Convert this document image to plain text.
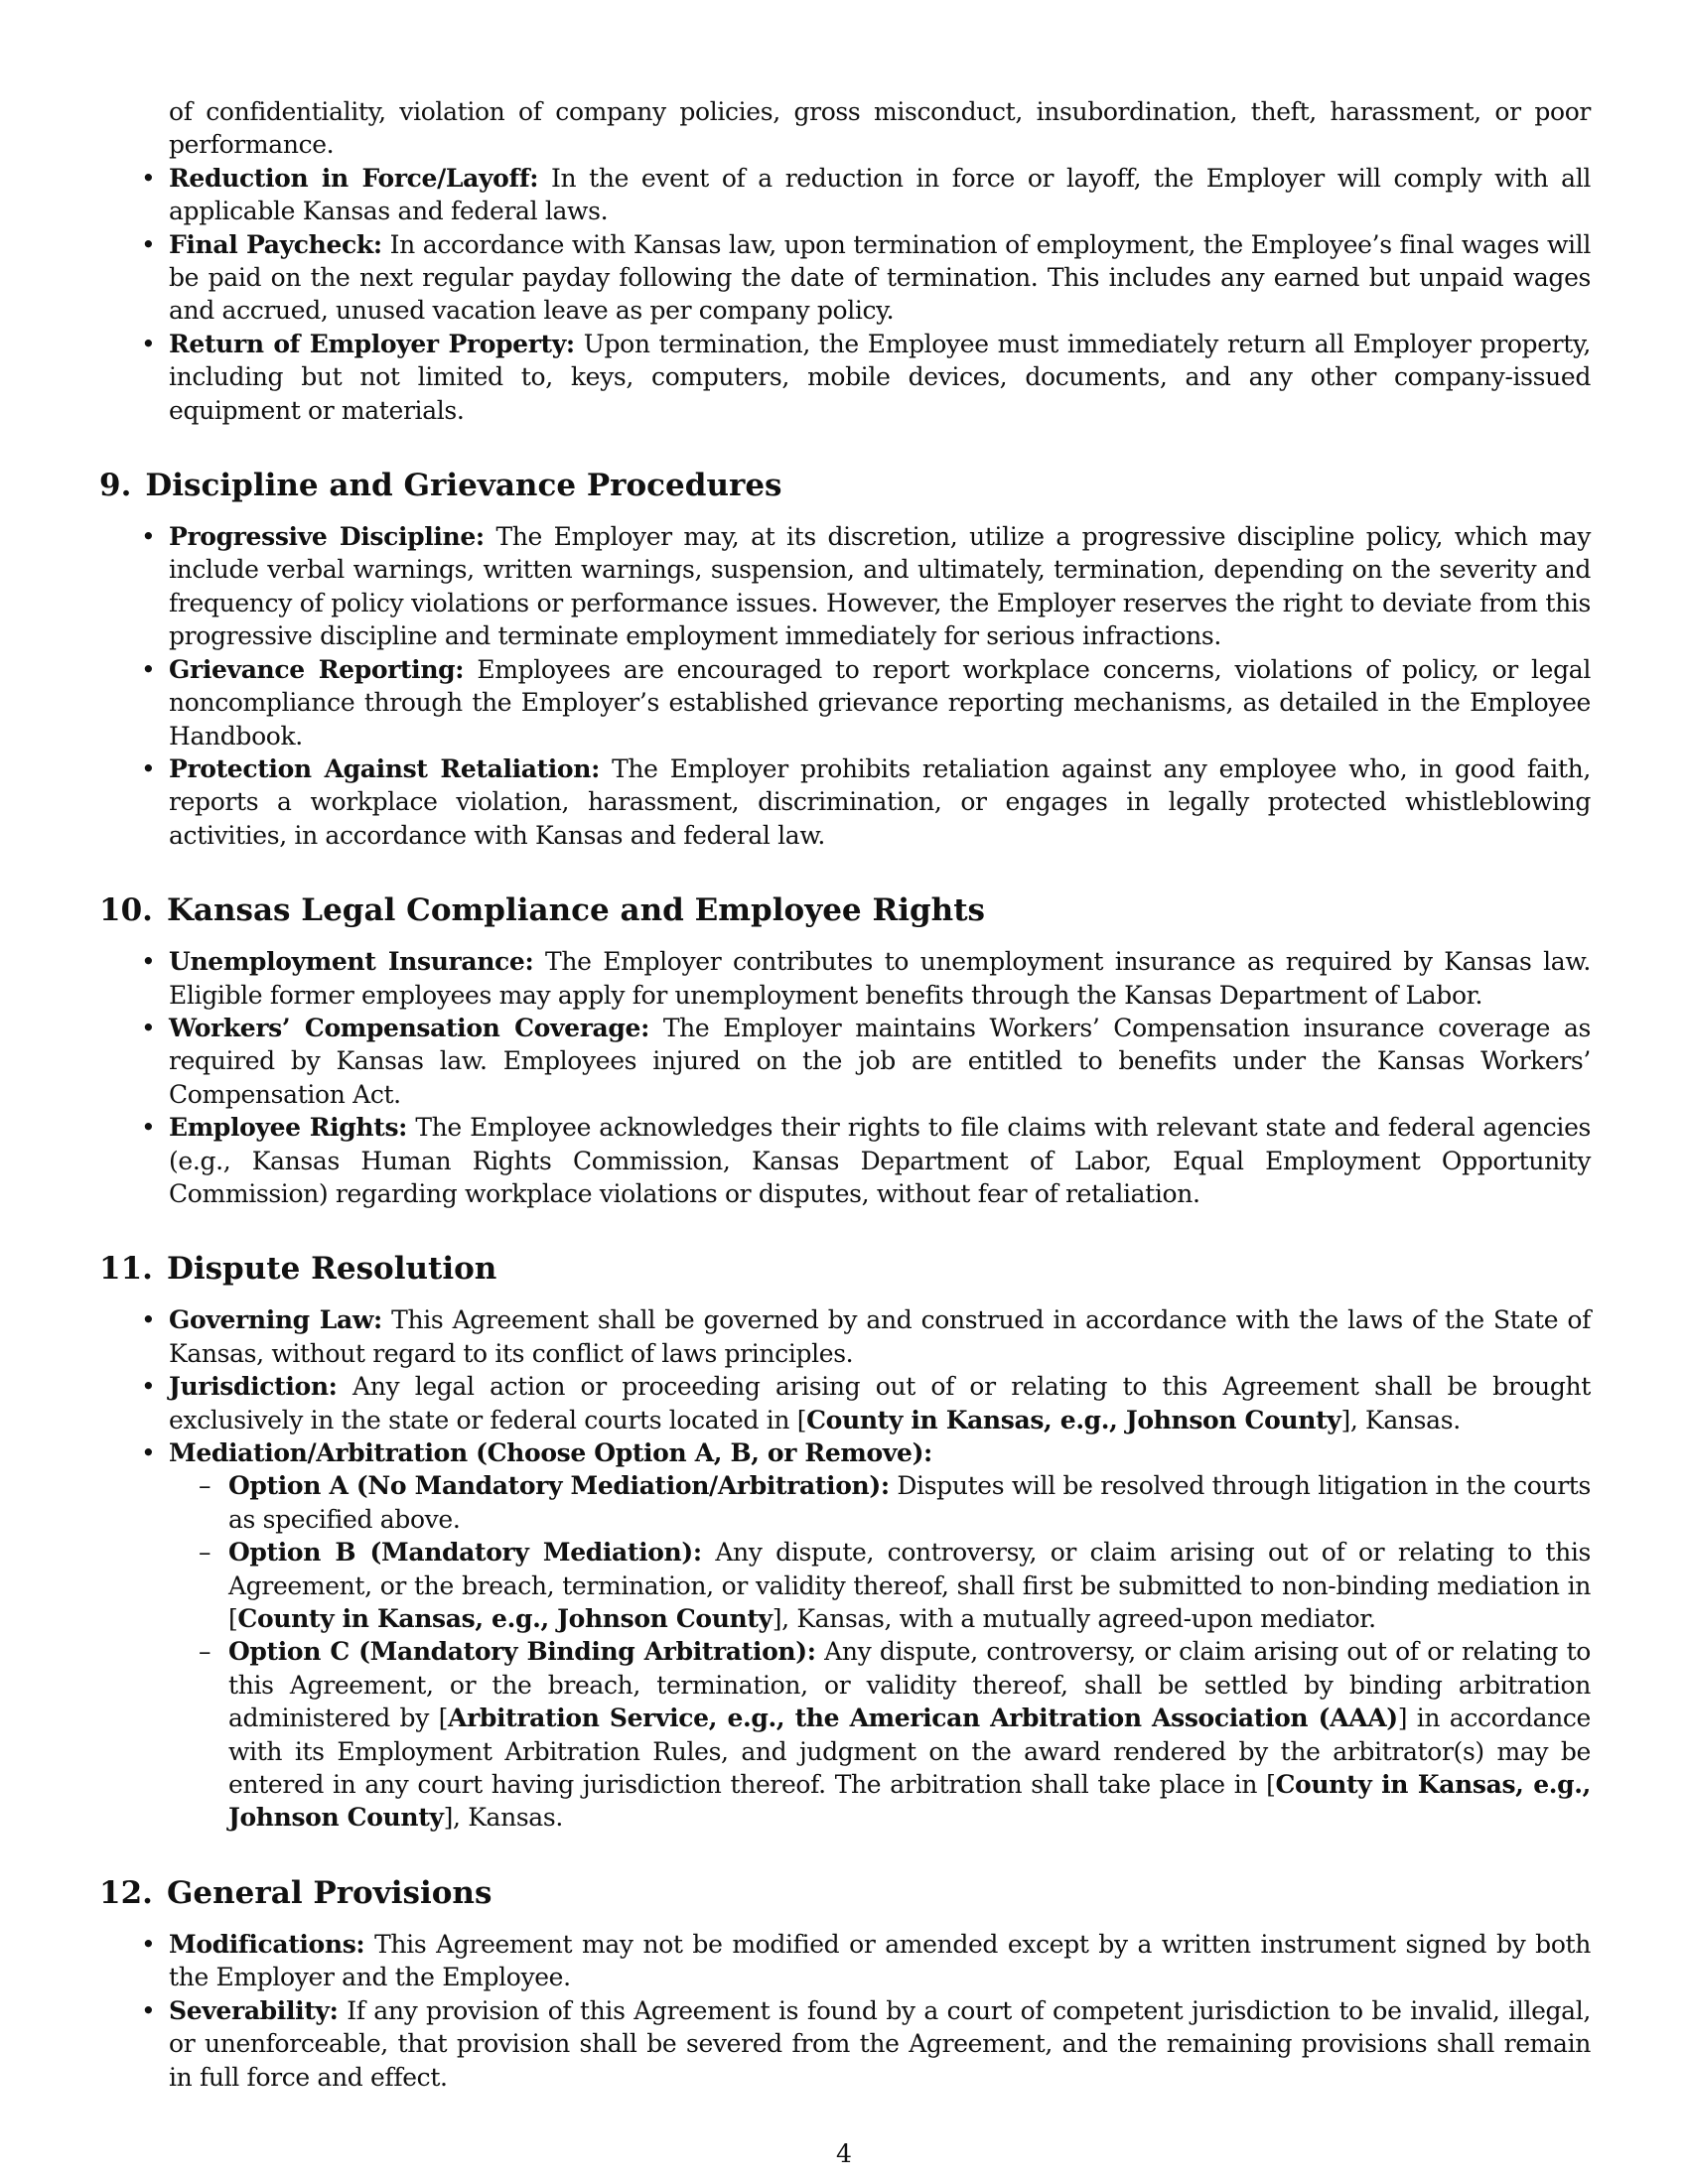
of confidentiality, violation of company policies, gross misconduct, insubordination, theft, harassment, or poor performance.
• Reduction in Force/Layoff: In the event of a reduction in force or layoff, the Employer will comply with all applicable Kansas and federal laws.
• Final Paycheck: In accordance with Kansas law, upon termination of employment, the Employee’s final wages will be paid on the next regular payday following the date of termination. This includes any earned but unpaid wages and accrued, unused vacation leave as per company policy.
• Return of Employer Property: Upon termination, the Employee must immediately return all Employer property, including but not limited to, keys, computers, mobile devices, documents, and any other company-issued equipment or materials.
9. Discipline and Grievance Procedures
• Progressive Discipline: The Employer may, at its discretion, utilize a progressive discipline policy, which may include verbal warnings, written warnings, suspension, and ultimately, termination, depending on the severity and frequency of policy violations or performance issues. However, the Employer reserves the right to deviate from this progressive discipline and terminate employment immediately for serious infractions.
• Grievance Reporting: Employees are encouraged to report workplace concerns, violations of policy, or legal noncompliance through the Employer’s established grievance reporting mechanisms, as detailed in the Employee Handbook.
• Protection Against Retaliation: The Employer prohibits retaliation against any employee who, in good faith, reports a workplace violation, harassment, discrimination, or engages in legally protected whistleblowing activities, in accordance with Kansas and federal law.
10. Kansas Legal Compliance and Employee Rights
• Unemployment Insurance: The Employer contributes to unemployment insurance as required by Kansas law. Eligible former employees may apply for unemployment benefits through the Kansas Department of Labor.
• Workers’ Compensation Coverage: The Employer maintains Workers’ Compensation insurance coverage as required by Kansas law. Employees injured on the job are entitled to benefits under the Kansas Workers’ Compensation Act.
• Employee Rights: The Employee acknowledges their rights to file claims with relevant state and federal agencies (e.g., Kansas Human Rights Commission, Kansas Department of Labor, Equal Employment Opportunity Commission) regarding workplace violations or disputes, without fear of retaliation.
11. Dispute Resolution
• Governing Law: This Agreement shall be governed by and construed in accordance with the laws of the State of Kansas, without regard to its conflict of laws principles.
• Jurisdiction: Any legal action or proceeding arising out of or relating to this Agreement shall be brought exclusively in the state or federal courts located in [County in Kansas, e.g., Johnson County], Kansas.
• Mediation/Arbitration (Choose Option A, B, or Remove):
– Option A (No Mandatory Mediation/Arbitration): Disputes will be resolved through litigation in the courts as specified above.
– Option B (Mandatory Mediation): Any dispute, controversy, or claim arising out of or relating to this Agreement, or the breach, termination, or validity thereof, shall first be submitted to non-binding mediation in [County in Kansas, e.g., Johnson County], Kansas, with a mutually agreed-upon mediator.
– Option C (Mandatory Binding Arbitration): Any dispute, controversy, or claim arising out of or relating to this Agreement, or the breach, termination, or validity thereof, shall be settled by binding arbitration administered by [Arbitration Service, e.g., the American Arbitration Association (AAA)] in accordance with its Employment Arbitration Rules, and judgment on the award rendered by the arbitrator(s) may be entered in any court having jurisdiction thereof. The arbitration shall take place in [County in Kansas, e.g., Johnson County], Kansas.
12. General Provisions
• Modifications: This Agreement may not be modified or amended except by a written instrument signed by both the Employer and the Employee.
• Severability: If any provision of this Agreement is found by a court of competent jurisdiction to be invalid, illegal, or unenforceable, that provision shall be severed from the Agreement, and the remaining provisions shall remain in full force and effect.
4
